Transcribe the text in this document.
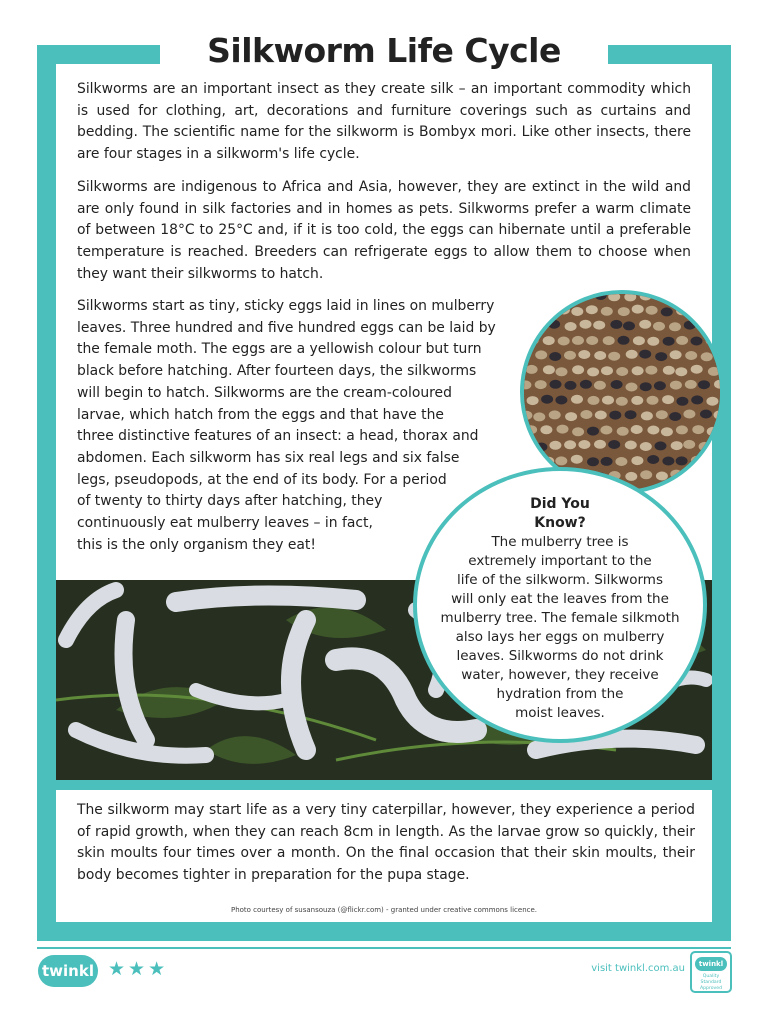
Silkworm Life Cycle

Silkworms are an important insect as they create silk – an important commodity which is used for clothing, art, decorations and furniture coverings such as curtains and bedding. The scientific name for the silkworm is Bombyx mori. Like other insects, there are four stages in a silkworm's life cycle.

Silkworms are indigenous to Africa and Asia, however, they are extinct in the wild and are only found in silk factories and in homes as pets. Silkworms prefer a warm climate of between 18°C to 25°C and, if it is too cold, the eggs can hibernate until a preferable temperature is reached. Breeders can refrigerate eggs to allow them to choose when they want their silkworms to hatch.

Silkworms start as tiny, sticky eggs laid in lines on mulberry
leaves. Three hundred and five hundred eggs can be laid by
the female moth. The eggs are a yellowish colour but turn
black before hatching. After fourteen days, the silkworms
will begin to hatch. Silkworms are the cream-coloured
larvae, which hatch from the eggs and that have the
three distinctive features of an insect: a head, thorax and
abdomen. Each silkworm has six real legs and six false
legs, pseudopods, at the end of its body. For a period
of twenty to thirty days after hatching, they
continuously eat mulberry leaves – in fact,
this is the only organism they eat!
Did You
Know?
The mulberry tree is
extremely important to the
life of the silkworm. Silkworms
will only eat the leaves from the
mulberry tree. The female silkmoth
also lays her eggs on mulberry
leaves. Silkworms do not drink
water, however, they receive
hydration from the
moist leaves.

The silkworm may start life as a very tiny caterpillar, however, they experience a period of rapid growth, when they can reach 8cm in length. As the larvae grow so quickly, their skin moults four times over a month. On the final occasion that their skin moults, their body becomes tighter in preparation for the pupa stage.

Photo courtesy of susansouza (@flickr.com) - granted under creative commons licence.
twinkl ★★★	visit twinkl.com.au	twinkl
Quality Standard Approved
